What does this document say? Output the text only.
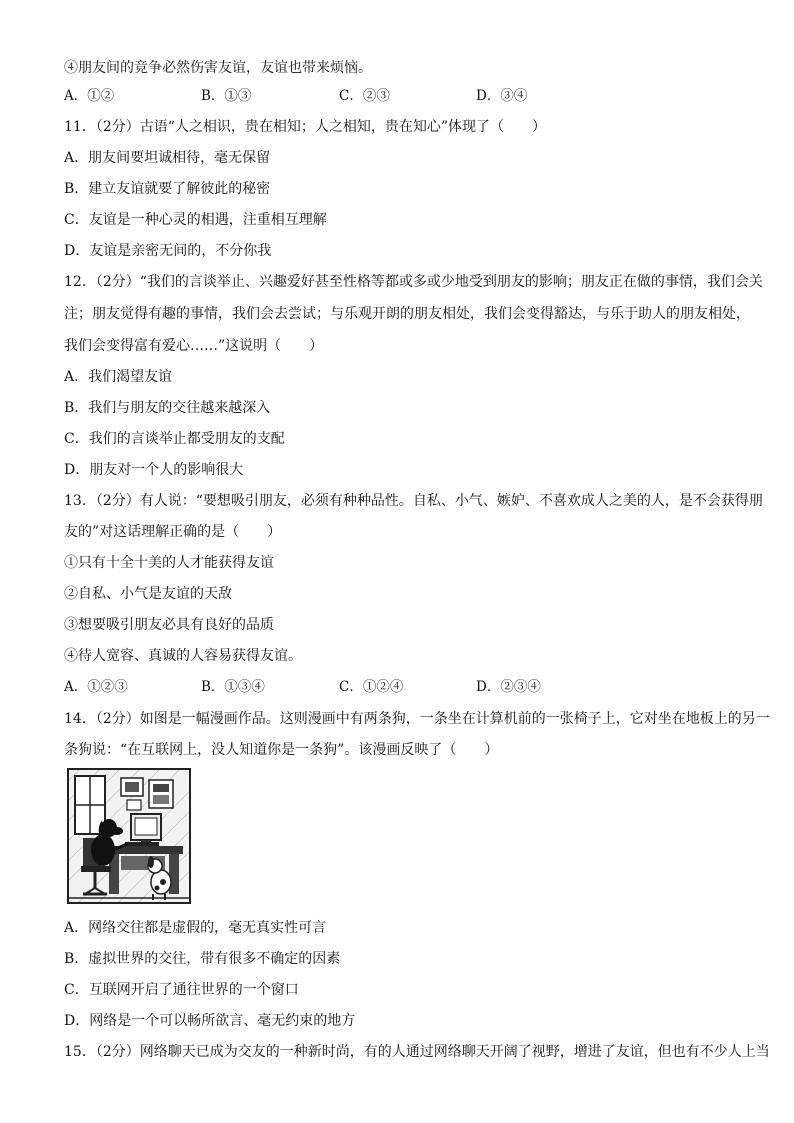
④朋友间的竞争必然伤害友谊，友谊也带来烦恼。
A．①②	B．①③	C．②③	D．③④
11．（2分）古语“人之相识，贵在相知；人之相知，贵在知心”体现了（　　）
A．朋友间要坦诚相待，毫无保留
B．建立友谊就要了解彼此的秘密
C．友谊是一种心灵的相遇，注重相互理解
D．友谊是亲密无间的，不分你我
12．（2分）“我们的言谈举止、兴趣爱好甚至性格等都或多或少地受到朋友的影响；朋友正在做的事情，我们会关
注；朋友觉得有趣的事情，我们会去尝试；与乐观开朗的朋友相处，我们会变得豁达，与乐于助人的朋友相处，
我们会变得富有爱心……”这说明（　　）
A．我们渴望友谊
B．我们与朋友的交往越来越深入
C．我们的言谈举止都受朋友的支配
D．朋友对一个人的影响很大
13．（2分）有人说：“要想吸引朋友，必须有种种品性。自私、小气、嫉妒、不喜欢成人之美的人，是不会获得朋
友的”对这话理解正确的是（　　）
①只有十全十美的人才能获得友谊
②自私、小气是友谊的天敌
③想要吸引朋友必具有良好的品质
④待人宽容、真诚的人容易获得友谊。
A．①②③	B．①③④	C．①②④	D．②③④
14．（2分）如图是一幅漫画作品。这则漫画中有两条狗，一条坐在计算机前的一张椅子上，它对坐在地板上的另一
条狗说：“在互联网上，没人知道你是一条狗”。该漫画反映了（　　）
A．网络交往都是虚假的，毫无真实性可言
B．虚拟世界的交往，带有很多不确定的因素
C．互联网开启了通往世界的一个窗口
D．网络是一个可以畅所欲言、毫无约束的地方
15．（2分）网络聊天已成为交友的一种新时尚，有的人通过网络聊天开阔了视野，增进了友谊，但也有不少人上当
